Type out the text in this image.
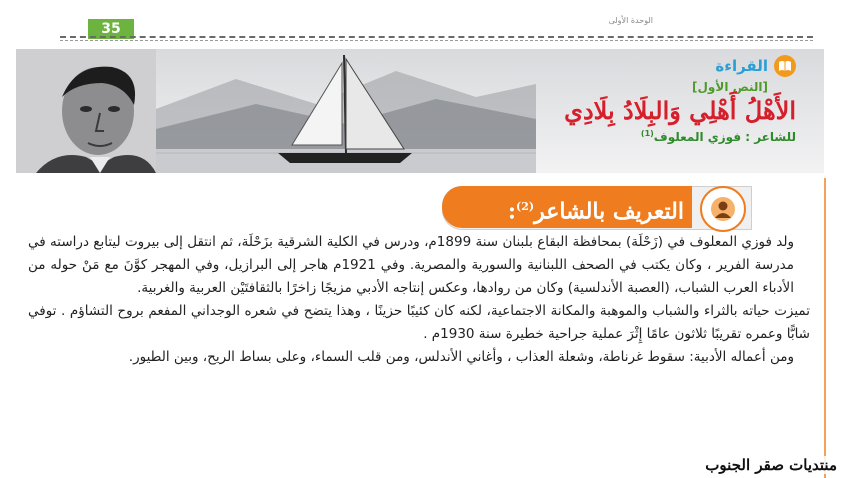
35
الوحدة الأولى
القراءة
[النص الأول]
الأَهْلُ أَهْلِي وَالبِلَادُ بِلَادِي
للشاعر : فوزي المعلوف$^{(1)}$
التعريف بالشاعر$^{(2)}$:

ولد فوزي المعلوف في (زَحْلَة) بمحافظة البقاع بلبنان سنة 1899م، ودرس في الكلية الشرقية بزَحْلَة، ثم انتقل إلى بيروت ليتابع دراسته في مدرسة الفرير ، وكان يكتب في الصحف اللبنانية والسورية والمصرية. وفي 1921م هاجر إلى البرازيل، وفي المهجر كوَّنَ مع مَنْ حوله من الأدباء العرب الشباب، (العصبة الأندلسية) وكان من روادها، وعكس إنتاجه الأدبي مزيجًا زاخرًا بالثقافتَيْن العربية والغربية.

تميزت حياته بالثراء والشباب والموهبة والمكانة الاجتماعية، لكنه كان كئيبًا حزينًا ، وهذا يتضح في شعره الوجداني المفعم بروح التشاؤم . توفي شابًّا وعمره تقريبًا ثلاثون عامًا إِثْرَ عملية جراحية خطيرة سنة 1930م .

ومن أعماله الأدبية: سقوط غرناطة، وشعلة العذاب ، وأغاني الأندلس، ومن قلب السماء، وعلى بساط الريح، وبين الطيور.

منتديات صقر الجنوب
